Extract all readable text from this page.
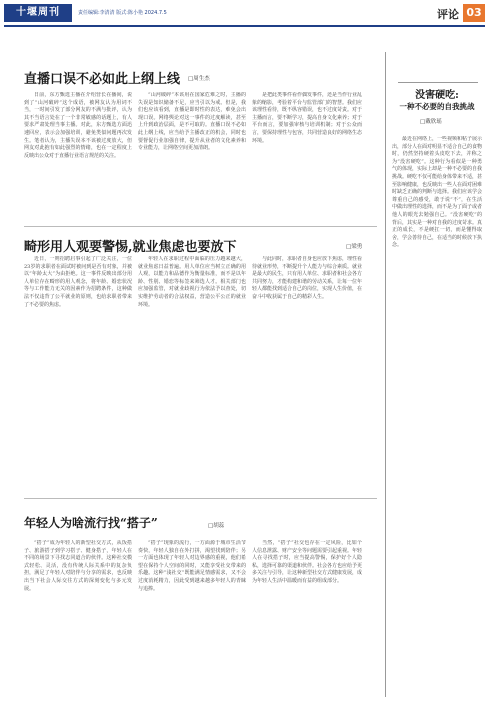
十堰周刊	责任编辑:李清清 版式:陈小艳 2024.7.5	评论 03
直播口误不必如此上纲上线 □周生杰

日前，东方甄选主播在介绍营长在播间，说到了“山河破碎”这个成语，被网友认为用词不当，一时间引发了部分网友的不满与批评，认为其不当语言处在了一个非常敏感的话题上，有人要求严肃处理当事主播。对此，东方甄选方面迅速回应，表示会加强培训，避免类似问题再次发生。笔者认为，主播失误本不该被过度放大，但网友对此抱有如此强烈的情绪，也在一定程度上反映出公众对于直播行业语言规范的关注。

“山河破碎”本该用在国家危难之时，主播的失误是知识储备不足，应当引以为戒。但是，我们也应该看到，直播是即时性的表达，难免会出现口误。网络舆论对这一事件的过度解读，甚至上升到政治层面，是不可取的。直播口误不必如此上纲上线，应当给予主播改正的机会，同时也要督促行业加强自律，提升从业者的文化素养和专业能力，让网络空间更加清朗。

是把此类事件看作偶发事件，还是当作行业乱象的缩影，考验着平台与监管部门的智慧。我们应该理性看待，既不纵容错误，也不过度苛责。对于主播而言，要不断学习，提高自身文化素养；对于平台而言，要加强审核与培训机制；对于公众而言，要保持理性与包容，共同营造良好的网络生态环境。

畸形用人观要警惕,就业焦虑也要放下	□梁勇

近日，一则招聘启事引起了广泛关注，一位23岁的求职者在面试时被问到是否有对象，并被以“年龄太大”为由拒绝。这一事件反映出部分用人单位存在畸形的用人观念，将年龄、婚恋状况等与工作能力无关的因素作为招聘条件，这种做法不仅违背了公平就业的原则，也给求职者带来了不必要的焦虑。

年轻人在求职过程中面临的压力越来越大，就业焦虑日益普遍。用人单位应当树立正确的用人观，以能力和品德作为衡量标准，而不是以年龄、性别、婚恋等标签来筛选人才。相关部门也应加强监管，对就业歧视行为依法予以查处，切实维护劳动者的合法权益，营造公平公正的就业环境。

与此同时，求职者自身也应放下焦虑，理性看待就业形势，不断提升个人能力与综合素质。就业是最大的民生，只有用人单位、求职者和社会各方共同努力，才能构建和谐的劳动关系，让每一位年轻人都能找到适合自己的岗位，实现人生价值，在奋斗中收获属于自己的精彩人生。

年轻人为啥流行找“搭子”	□胡蕊

“搭子”成为年轻人的新型社交方式，从饭搭子、旅游搭子到学习搭子、健身搭子，年轻人在不同的场景下寻找志同道合的伙伴。这种社交模式轻松、灵活，没有传统人际关系中的复杂负担，满足了年轻人对陪伴与分享的需求，也反映出当下社会人际交往方式的深刻变化与多元发展。

“搭子”现象的流行，一方面源于城市生活节奏快，年轻人独自在外打拼，渴望找到陪伴；另一方面也体现了年轻人对边界感的重视，他们希望在保持个人空间的同时，又能享受社交带来的乐趣。这种“浅社交”既能满足情感需求，又不会过度消耗精力，因此受到越来越多年轻人的青睐与追捧。

当然，“搭子”社交也存在一定风险，比如个人信息泄露、财产安全等问题需要引起重视。年轻人在寻找搭子时，应当提高警惕，保护好个人隐私，选择可靠的渠道和伙伴。社会各方也应给予更多关注与引导，让这种新型社交方式健康发展，成为年轻人生活中温暖而有益的组成部分。

没害硬吃:
一种不必要的自我挑战
□戴欣瑶

最近在网络上，一些视频和帖子展示出，部分人在面对明显不适合自己的食物时，仍然坚持硬着头皮吃下去，并称之为“没害硬吃”。这种行为看似是一种勇气的体现，实际上却是一种不必要的自我挑战。硬吃不仅可能给身体带来不适，甚至影响健康，也反映出一些人在面对困难时缺乏正确的判断与选择。我们应该学会尊重自己的感受，敢于说“不”，在生活中做出理性的选择，而不是为了面子或者他人的眼光去勉强自己。“没害硬吃”的背后，其实是一种对自我的过度苛求。真正的成长，不是硬扛一切，而是懂得取舍，学会善待自己，在适当的时候放下执念。
